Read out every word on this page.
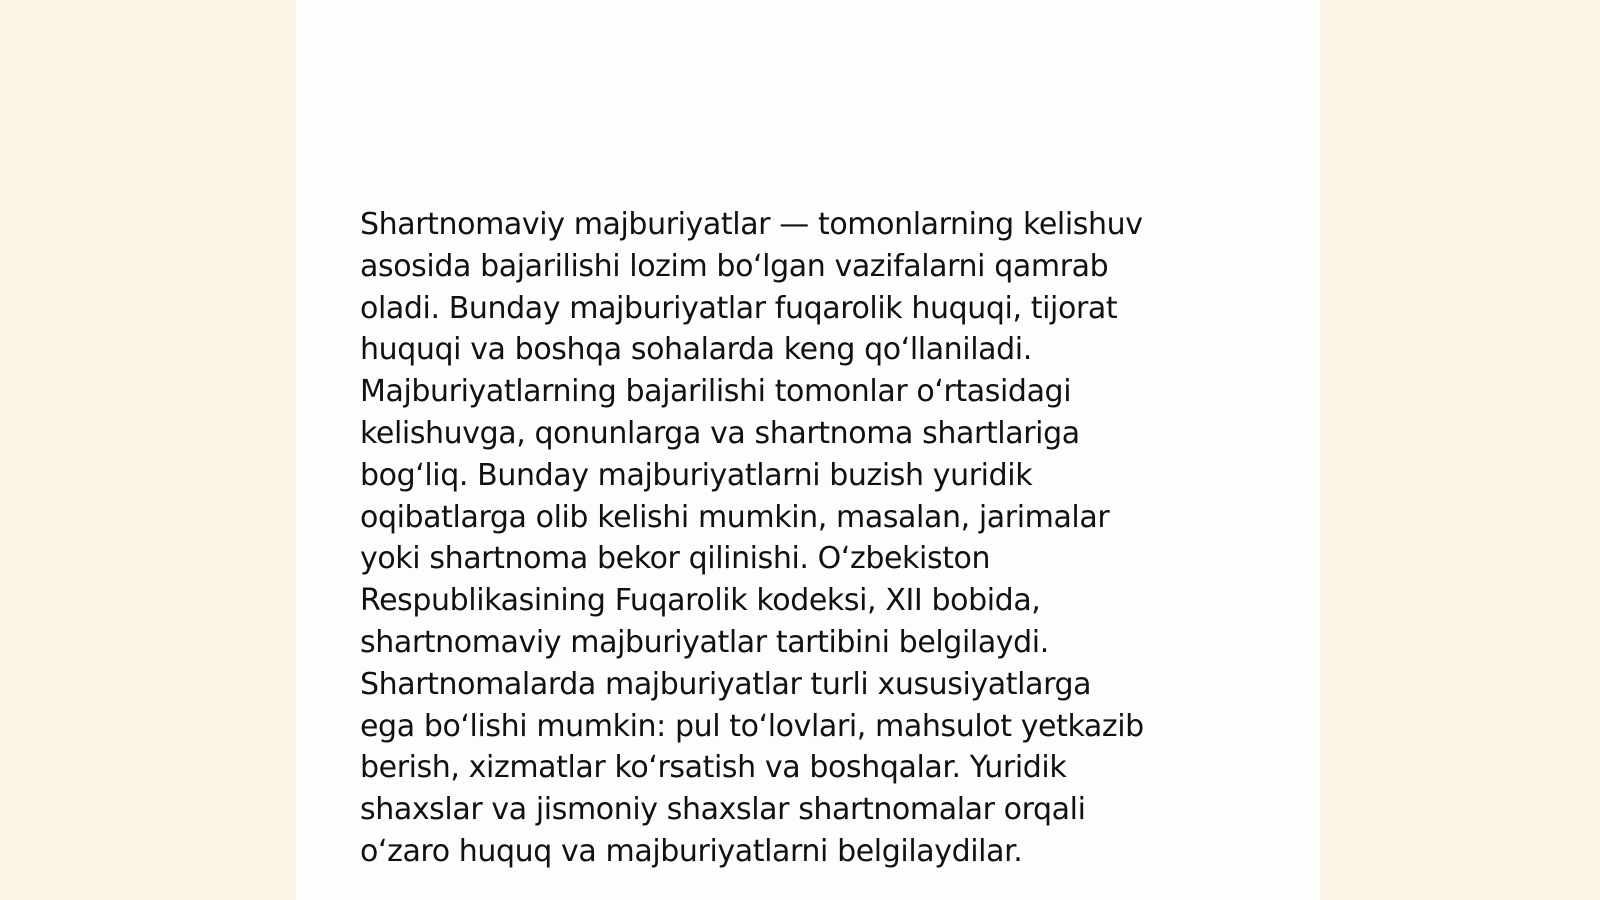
Shartnomaviy majburiyatlar — tomonlarning kelishuv
asosida bajarilishi lozim boʻlgan vazifalarni qamrab
oladi. Bunday majburiyatlar fuqarolik huquqi, tijorat
huquqi va boshqa sohalarda keng qoʻllaniladi.
Majburiyatlarning bajarilishi tomonlar oʻrtasidagi
kelishuvga, qonunlarga va shartnoma shartlariga
bogʻliq. Bunday majburiyatlarni buzish yuridik
oqibatlarga olib kelishi mumkin, masalan, jarimalar
yoki shartnoma bekor qilinishi. Oʻzbekiston
Respublikasining Fuqarolik kodeksi, XII bobida,
shartnomaviy majburiyatlar tartibini belgilaydi.
Shartnomalarda majburiyatlar turli xususiyatlarga
ega boʻlishi mumkin: pul toʻlovlari, mahsulot yetkazib
berish, xizmatlar koʻrsatish va boshqalar. Yuridik
shaxslar va jismoniy shaxslar shartnomalar orqali
oʻzaro huquq va majburiyatlarni belgilaydilar.
